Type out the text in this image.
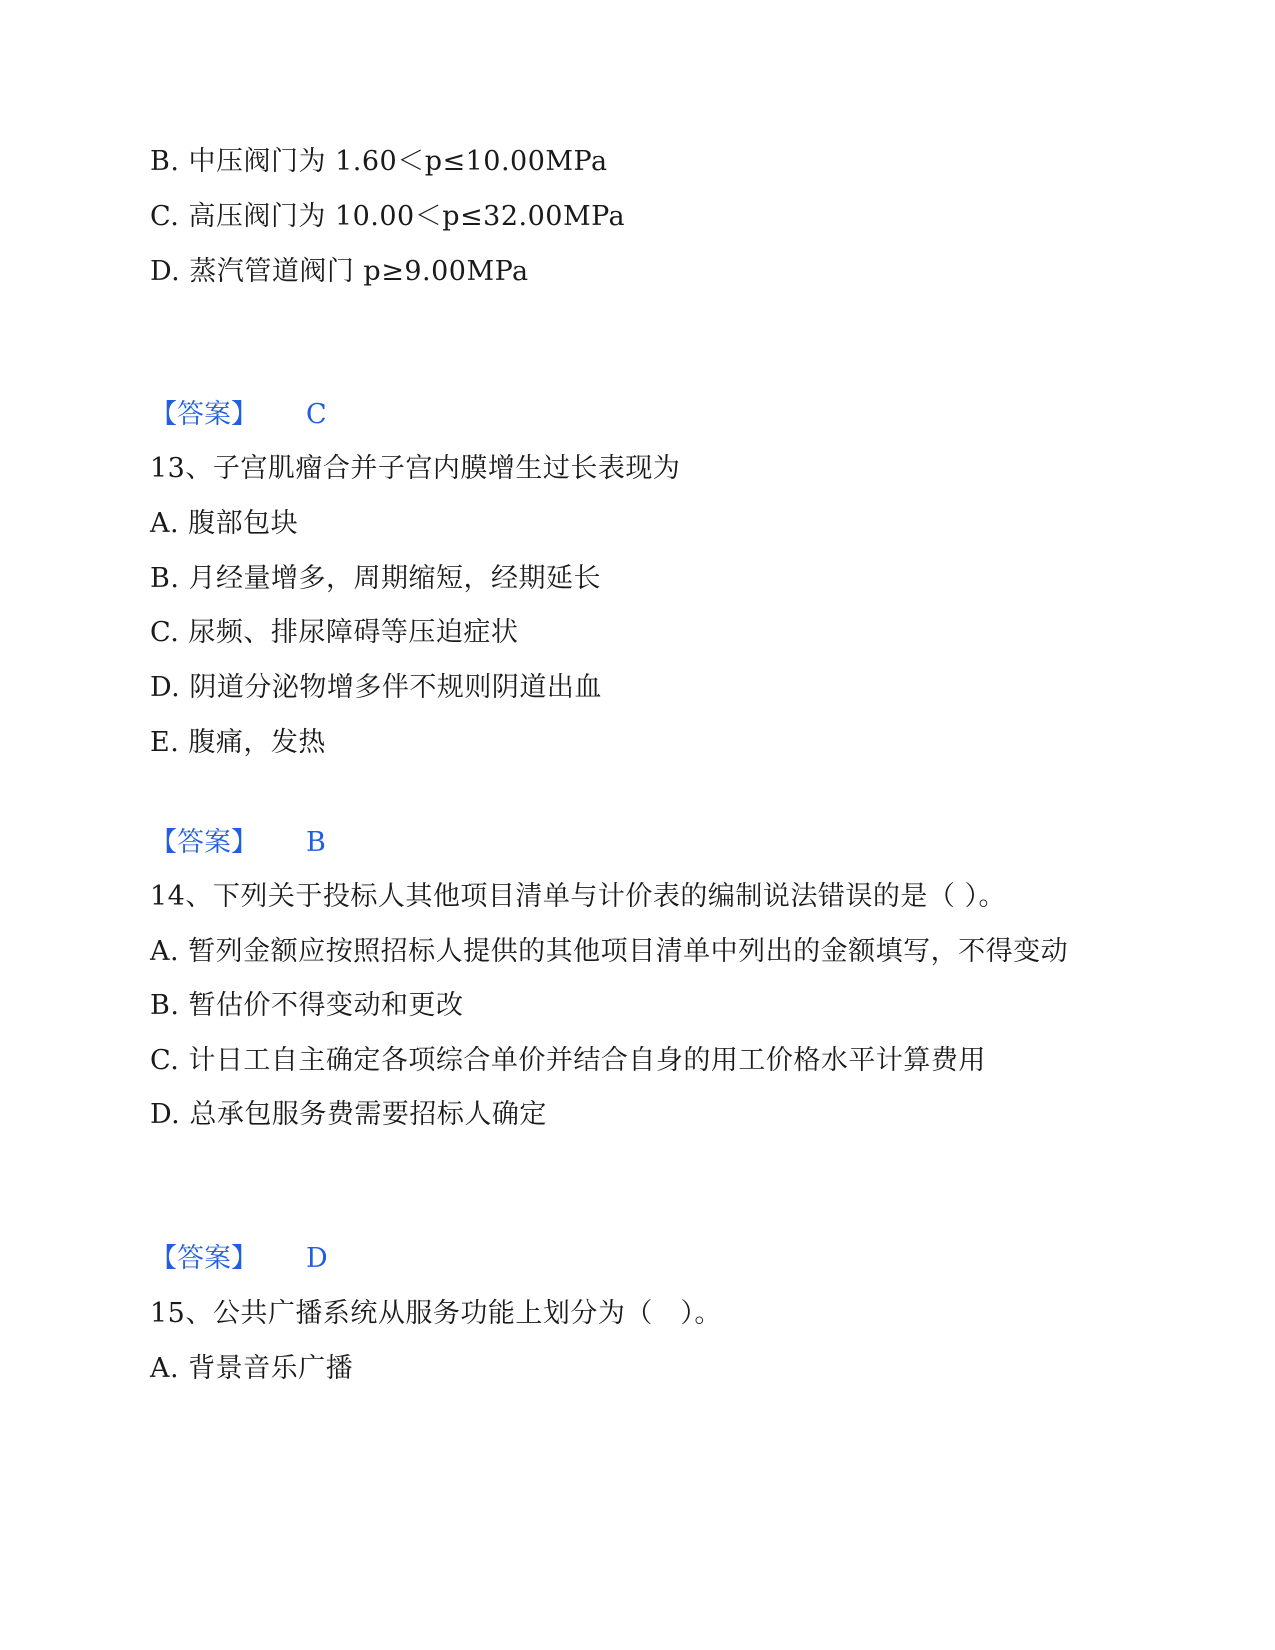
B. 中压阀门为 1.60＜p≤10.00MPa
C. 高压阀门为 10.00＜p≤32.00MPa
D. 蒸汽管道阀门 p≥9.00MPa
【答案】 C
13、子宫肌瘤合并子宫内膜增生过长表现为
A. 腹部包块
B. 月经量增多，周期缩短，经期延长
C. 尿频、排尿障碍等压迫症状
D. 阴道分泌物增多伴不规则阴道出血
E. 腹痛，发热
【答案】 B
14、下列关于投标人其他项目清单与计价表的编制说法错误的是（ ）。
A. 暂列金额应按照招标人提供的其他项目清单中列出的金额填写，不得变动
B. 暂估价不得变动和更改
C. 计日工自主确定各项综合单价并结合自身的用工价格水平计算费用
D. 总承包服务费需要招标人确定
【答案】 D
15、公共广播系统从服务功能上划分为（　）。
A. 背景音乐广播
